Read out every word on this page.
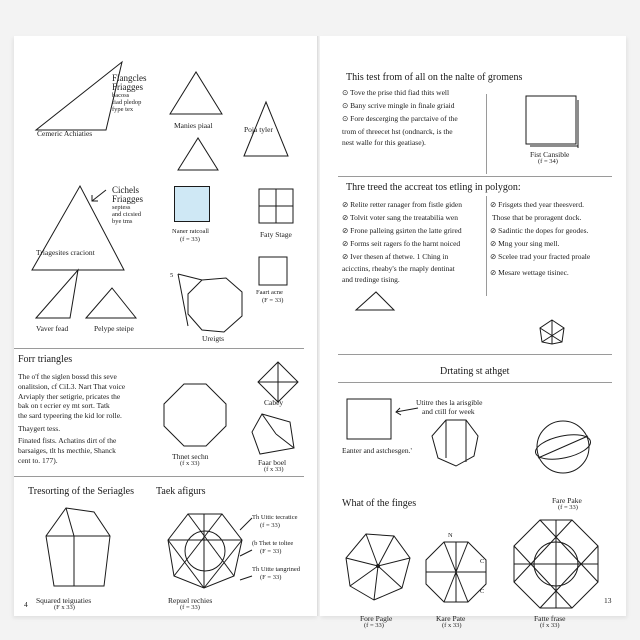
Cemeric Achiaties
Fiangcles
Friagges
bacoss
fiad pledop
fype tex
Manies piaal	Poja tyler
Triagesites craciont
Cichels
Friagges
septess
and cicsied
bye tms
Naner ratcoall
(f = 33)
Faty Stage
Vaver fead	Pelype steipe
5
Ureigts
Faart acne
(F = 33)
Forr triangles
The o'f the siglen bossd this seve
onalitsion, cf CiL3. Nart That voice
Arviaply ther setigrie, pricates the
bak on t ecrier ey mt sort. Tatk
the sard typeering the kid lor rolle.
Thaygert tess.
Finated fists. Achatins dirt of the
barsaiges, tlt hs mecthie, Shanck
cent to. 177).	Thnet sechn
(f x 33)
Cabey
Faar boel
(f x 33)
Tresorting of the Seriagles Taek afigurs
Squared teiguaties
(F x 33)
Repuel rechies
(f = 33)
Th Uitic tecratice
(f = 33)
(b Thet te toltee
(F = 33)
Th Uitte tangrined
(F = 33)
4
This test from of all on the nalte of gromens
⊙ Tove the prise thid fiad thits well
⊙ Bany scrive mingle in finale griaid
⊙ Fore descerging the parctaive of the
trom of threecet hst (ondnarck, is the
nest walle for this geatiase).
Fist Cansible
(f = 34)
Thre treed the accreat tos etling in polygon:
⊘ Relite retter ranager from fistle giden
⊘ Tolvit voter sang the treatabilia wen
⊘ Frone palleing gsirten the latte grired
⊘ Forms seit ragers fo the harnt noiced
⊘ Iver thesen af thetwe. 1 Ching in
acicctins, rheaby's the rnaply dentinat
and tredinge tising.
⊘ Frisgets thed year theesverd.
Those that be proragent dock.
⊘ Sadintic the dopes for geodes.
⊘ Mng your sing mell.
⊘ Scelee trad your fracted proale
⊘ Mesare wettage tisinec.
Drtating st athget
Eanter and astchesgen.'
Utitre thes la arisgible
and ctill for week
What of the finges	Fare Pake
(f = 33)
Fore Pagle
(f = 33)
N
C
C
Kare Pate
(f x 33)
Fatte frase
(f x 33)
13
